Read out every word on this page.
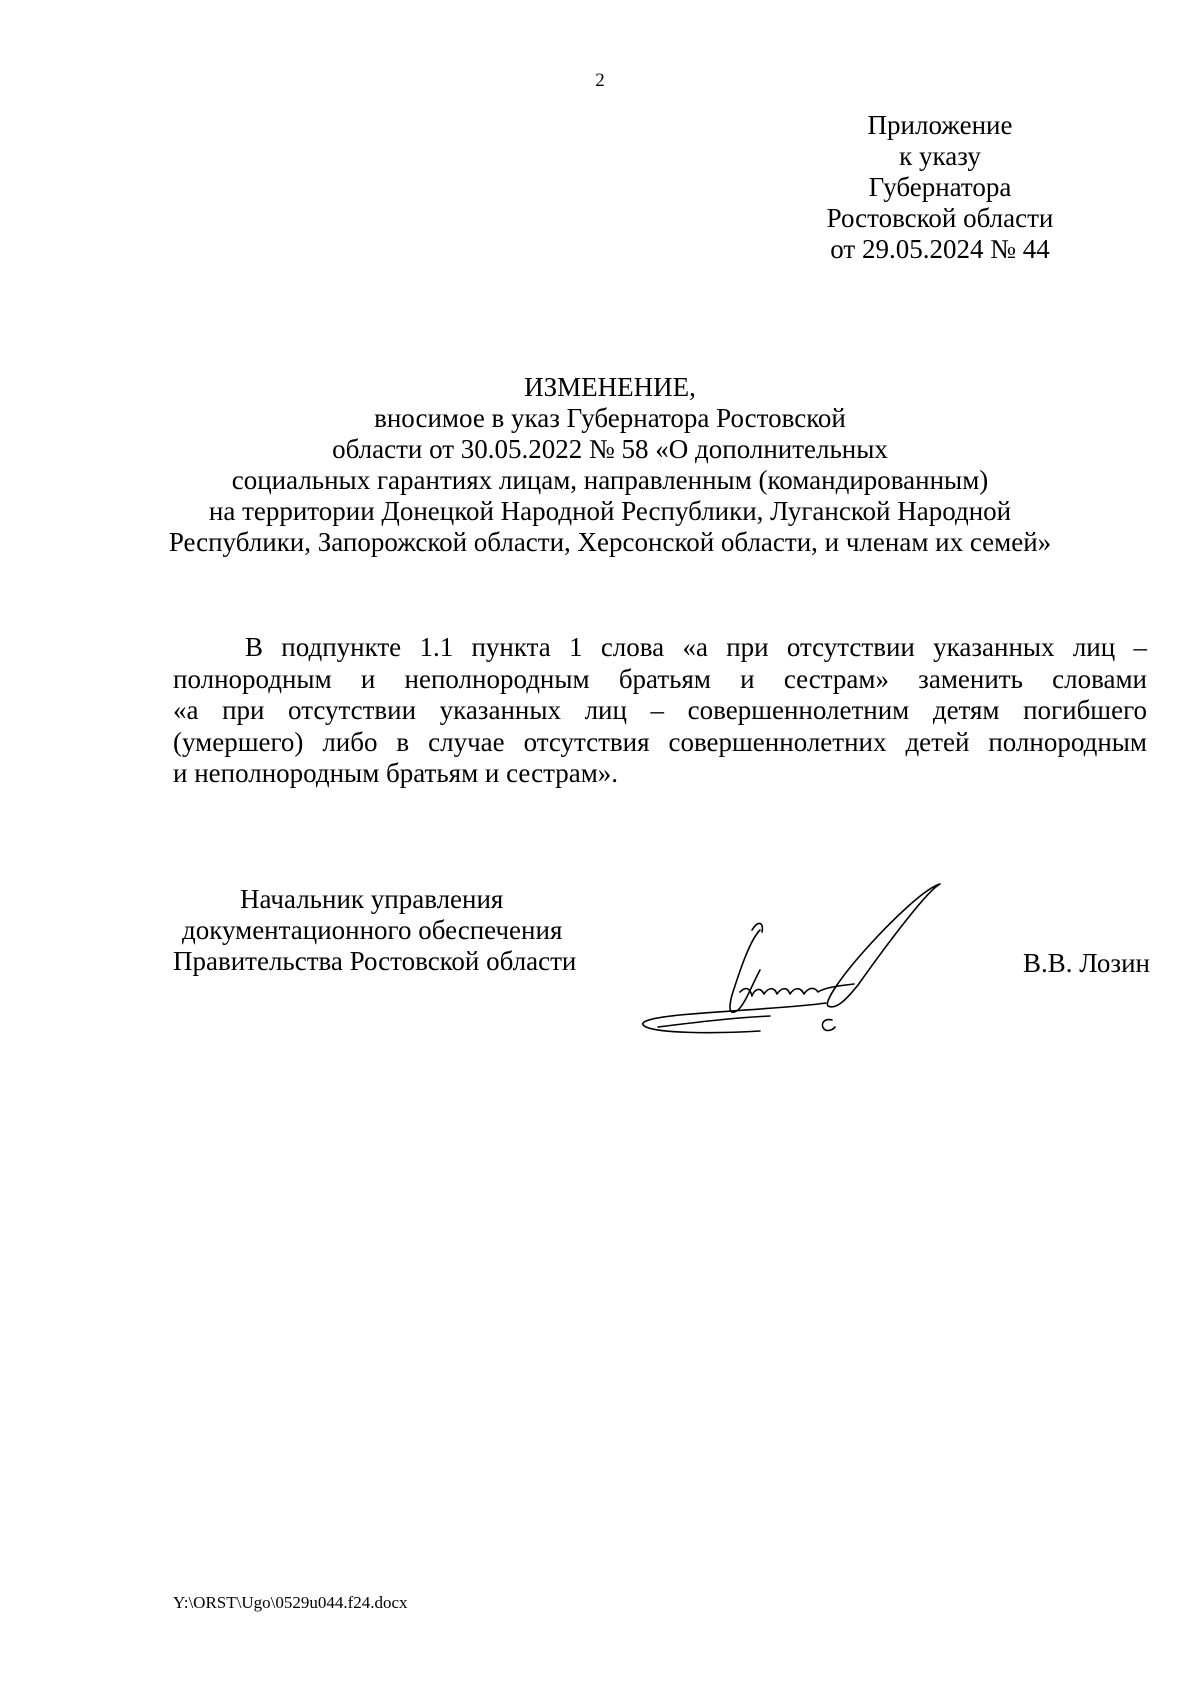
2
Приложение
к указу
Губернатора
Ростовской области
от 29.05.2024 № 44
ИЗМЕНЕНИЕ,
вносимое в указ Губернатора Ростовской
области от 30.05.2022 № 58 «О дополнительных
социальных гарантиях лицам, направленным (командированным)
на территории Донецкой Народной Республики, Луганской Народной
Республики, Запорожской области, Херсонской области, и членам их семей»
В подпункте 1.1 пункта 1 слова «а при отсутствии указанных лиц –
полнородным и неполнородным братьям и сестрам» заменить словами
«а при отсутствии указанных лиц – совершеннолетним детям погибшего
(умершего) либо в случае отсутствия совершеннолетних детей полнородным
и неполнородным братьям и сестрам».
Начальник управления
документационного обеспечения
Правительства Ростовской области	В.В. Лозин
Y:\ORST\Ugo\0529u044.f24.docx
